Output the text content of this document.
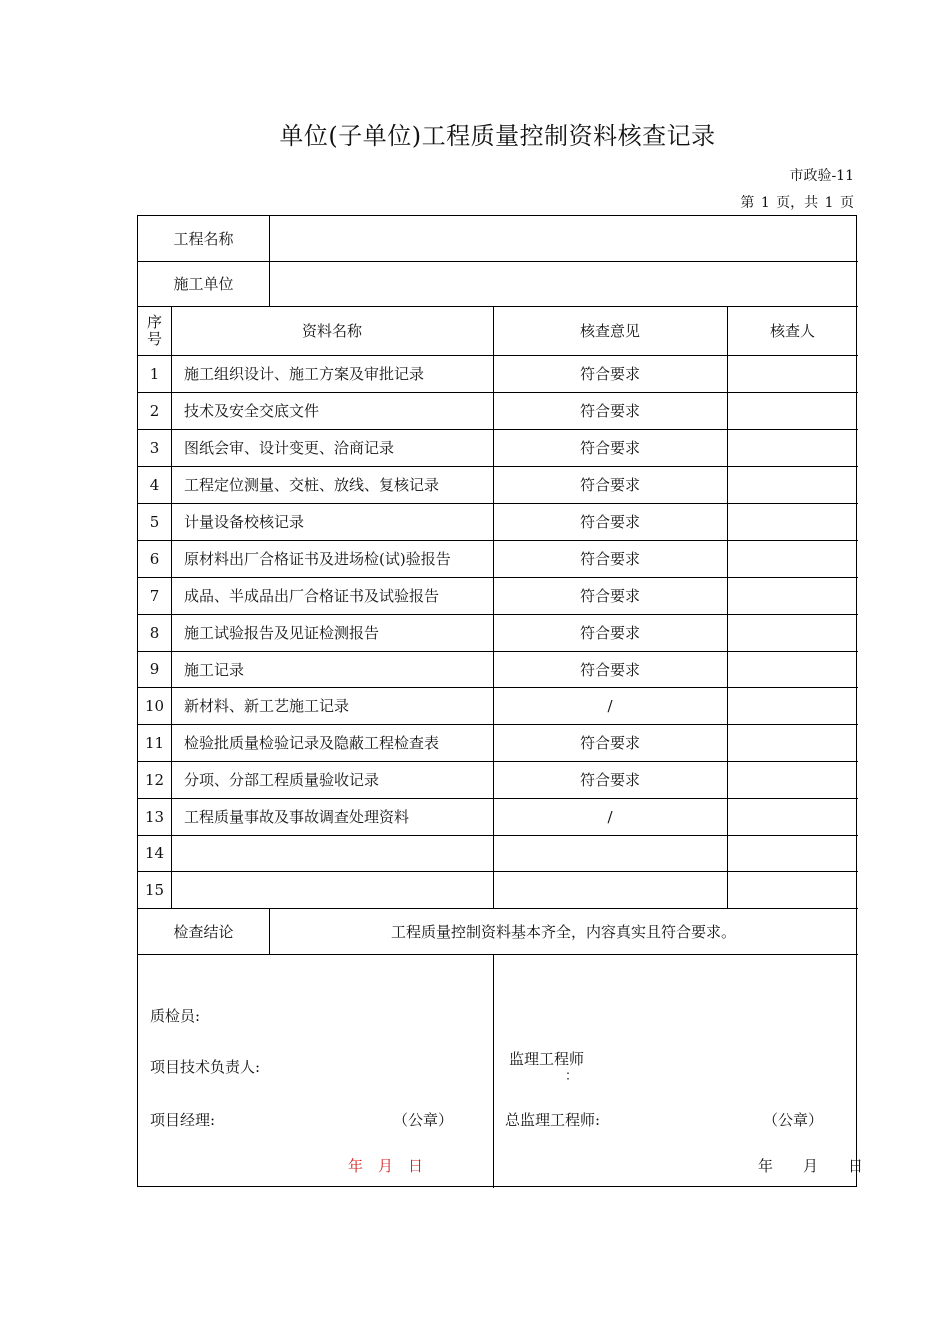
单位(子单位)工程质量控制资料核查记录
市政验-11
第 1 页，共 1 页
工程名称
施工单位
序号	资料名称	核查意见	核查人
1	施工组织设计、施工方案及审批记录	符合要求
2	技术及安全交底文件	符合要求
3	图纸会审、设计变更、洽商记录	符合要求
4	工程定位测量、交桩、放线、复核记录	符合要求
5	计量设备校核记录	符合要求
6	原材料出厂合格证书及进场检(试)验报告	符合要求
7	成品、半成品出厂合格证书及试验报告	符合要求
8	施工试验报告及见证检测报告	符合要求
9	施工记录	符合要求
10	新材料、新工艺施工记录	/
11	检验批质量检验记录及隐蔽工程检查表	符合要求
12	分项、分部工程质量验收记录	符合要求
13	工程质量事故及事故调查处理资料	/
14
15
检查结论	工程质量控制资料基本齐全，内容真实且符合要求。
质检员:
项目技术负责人:
项目经理:	（公章）
年　月　日
监理工程师
：
总监理工程师:	（公章）
年　　月　　日
